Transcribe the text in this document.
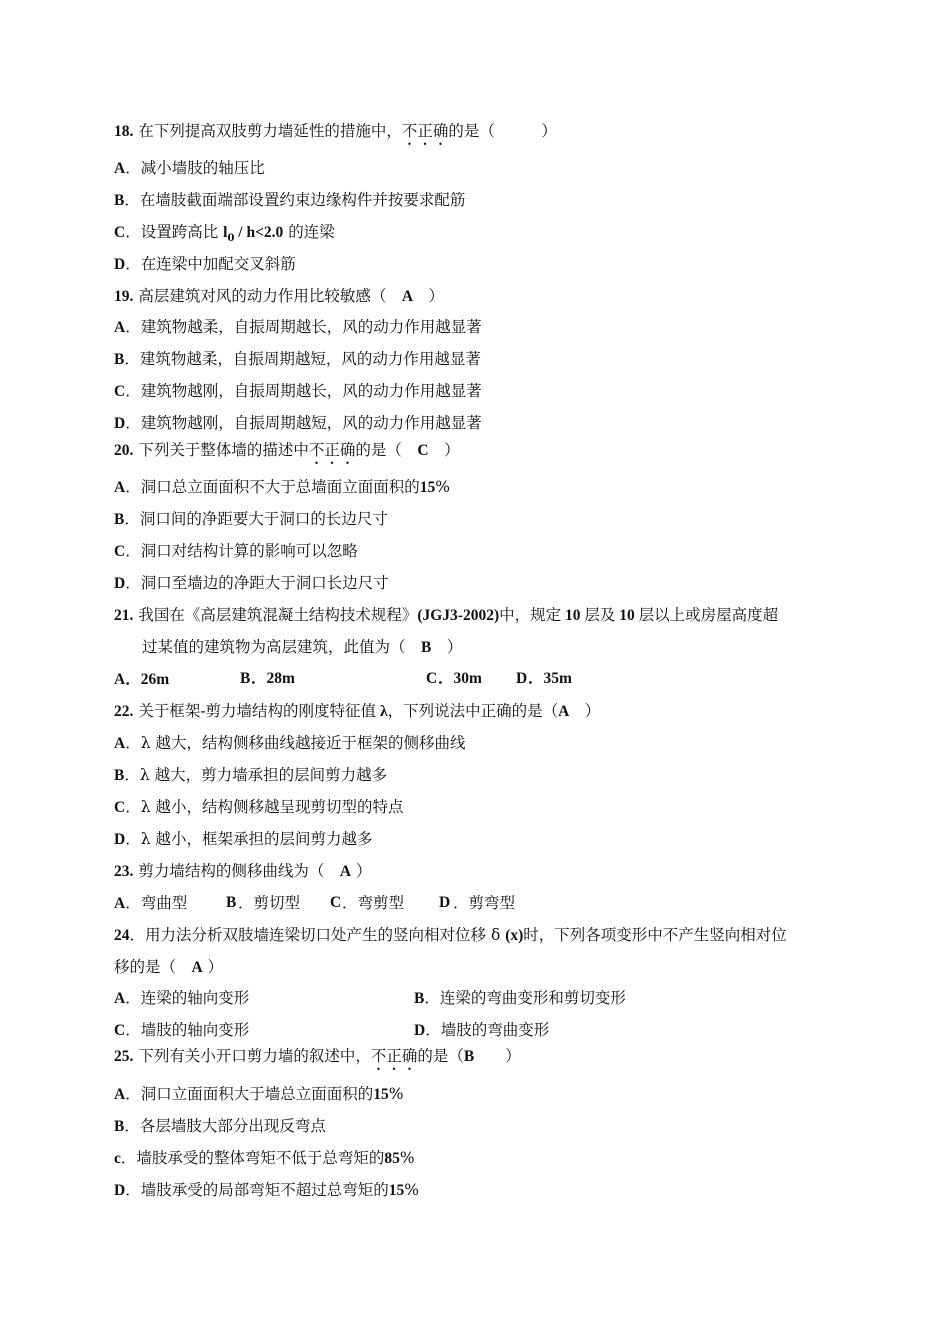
18. 在下列提高双肢剪力墙延性的措施中，不正确的是（　　　）
A．减小墙肢的轴压比
B．在墙肢截面端部设置约束边缘构件并按要求配筋
C．设置跨高比 $l_0 / h<2.0$ 的连梁
D．在连梁中加配交叉斜筋
19. 高层建筑对风的动力作用比较敏感（　A　）
A．建筑物越柔，自振周期越长，风的动力作用越显著
B．建筑物越柔，自振周期越短，风的动力作用越显著
C．建筑物越刚，自振周期越长，风的动力作用越显著
D．建筑物越刚，自振周期越短，风的动力作用越显著
20. 下列关于整体墙的描述中不正确的是（　C　）
A．洞口总立面面积不大于总墙面立面面积的15%
B．洞口间的净距要大于洞口的长边尺寸
C．洞口对结构计算的影响可以忽略
D．洞口至墙边的净距大于洞口长边尺寸
21. 我国在《高层建筑混凝土结构技术规程》(JGJ3-2002)中，规定 10 层及 10 层以上或房屋高度超
过某值的建筑物为高层建筑，此值为（　B　）
A．26m	B ．28m	C ．30m D ．35m
22. 关于框架-剪力墙结构的刚度特征值 λ，下列说法中正确的是（A　）
A．λ 越大，结构侧移曲线越接近于框架的侧移曲线
B．λ 越大，剪力墙承担的层间剪力越多
C．λ 越小，结构侧移越呈现剪切型的特点
D．λ 越小，框架承担的层间剪力越多
23. 剪力墙结构的侧移曲线为（　A ）
A．弯曲型	B ．剪切型 C ．弯剪型 D ．剪弯型
24．用力法分析双肢墙连梁切口处产生的竖向相对位移 δ (x)时，下列各项变形中不产生竖向相对位
移的是（　A ）
A．连梁的轴向变形	B．连梁的弯曲变形和剪切变形
C．墙肢的轴向变形	D．墙肢的弯曲变形
25. 下列有关小开口剪力墙的叙述中，不正确的是（B　　）
A．洞口立面面积大于墙总立面面积的15%
B．各层墙肢大部分出现反弯点
c．墙肢承受的整体弯矩不低于总弯矩的85%
D．墙肢承受的局部弯矩不超过总弯矩的15%
